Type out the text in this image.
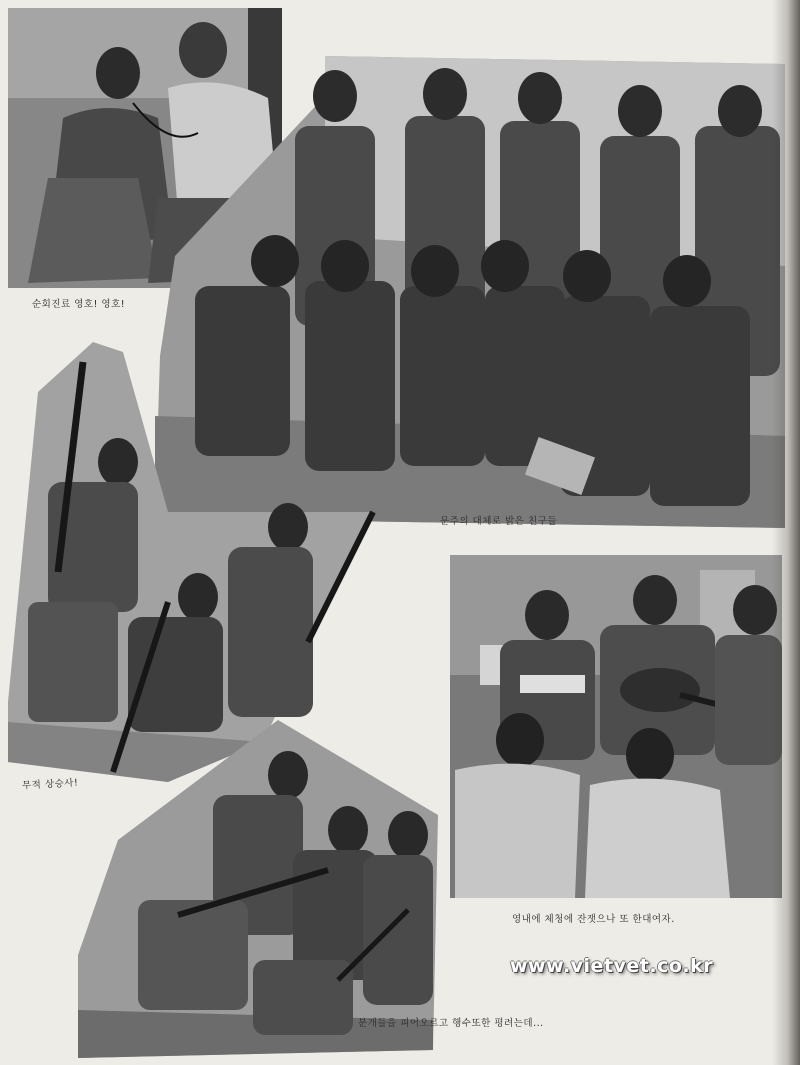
순회진료 영호! 영호!
문주의 대체로 밝은 친구들
무적 상승사!
영내에 체청에 잔잿으나 또 한대여자.
분개들을 피어오르고 행수또한 평려는데...
www.vietvet.co.kr
